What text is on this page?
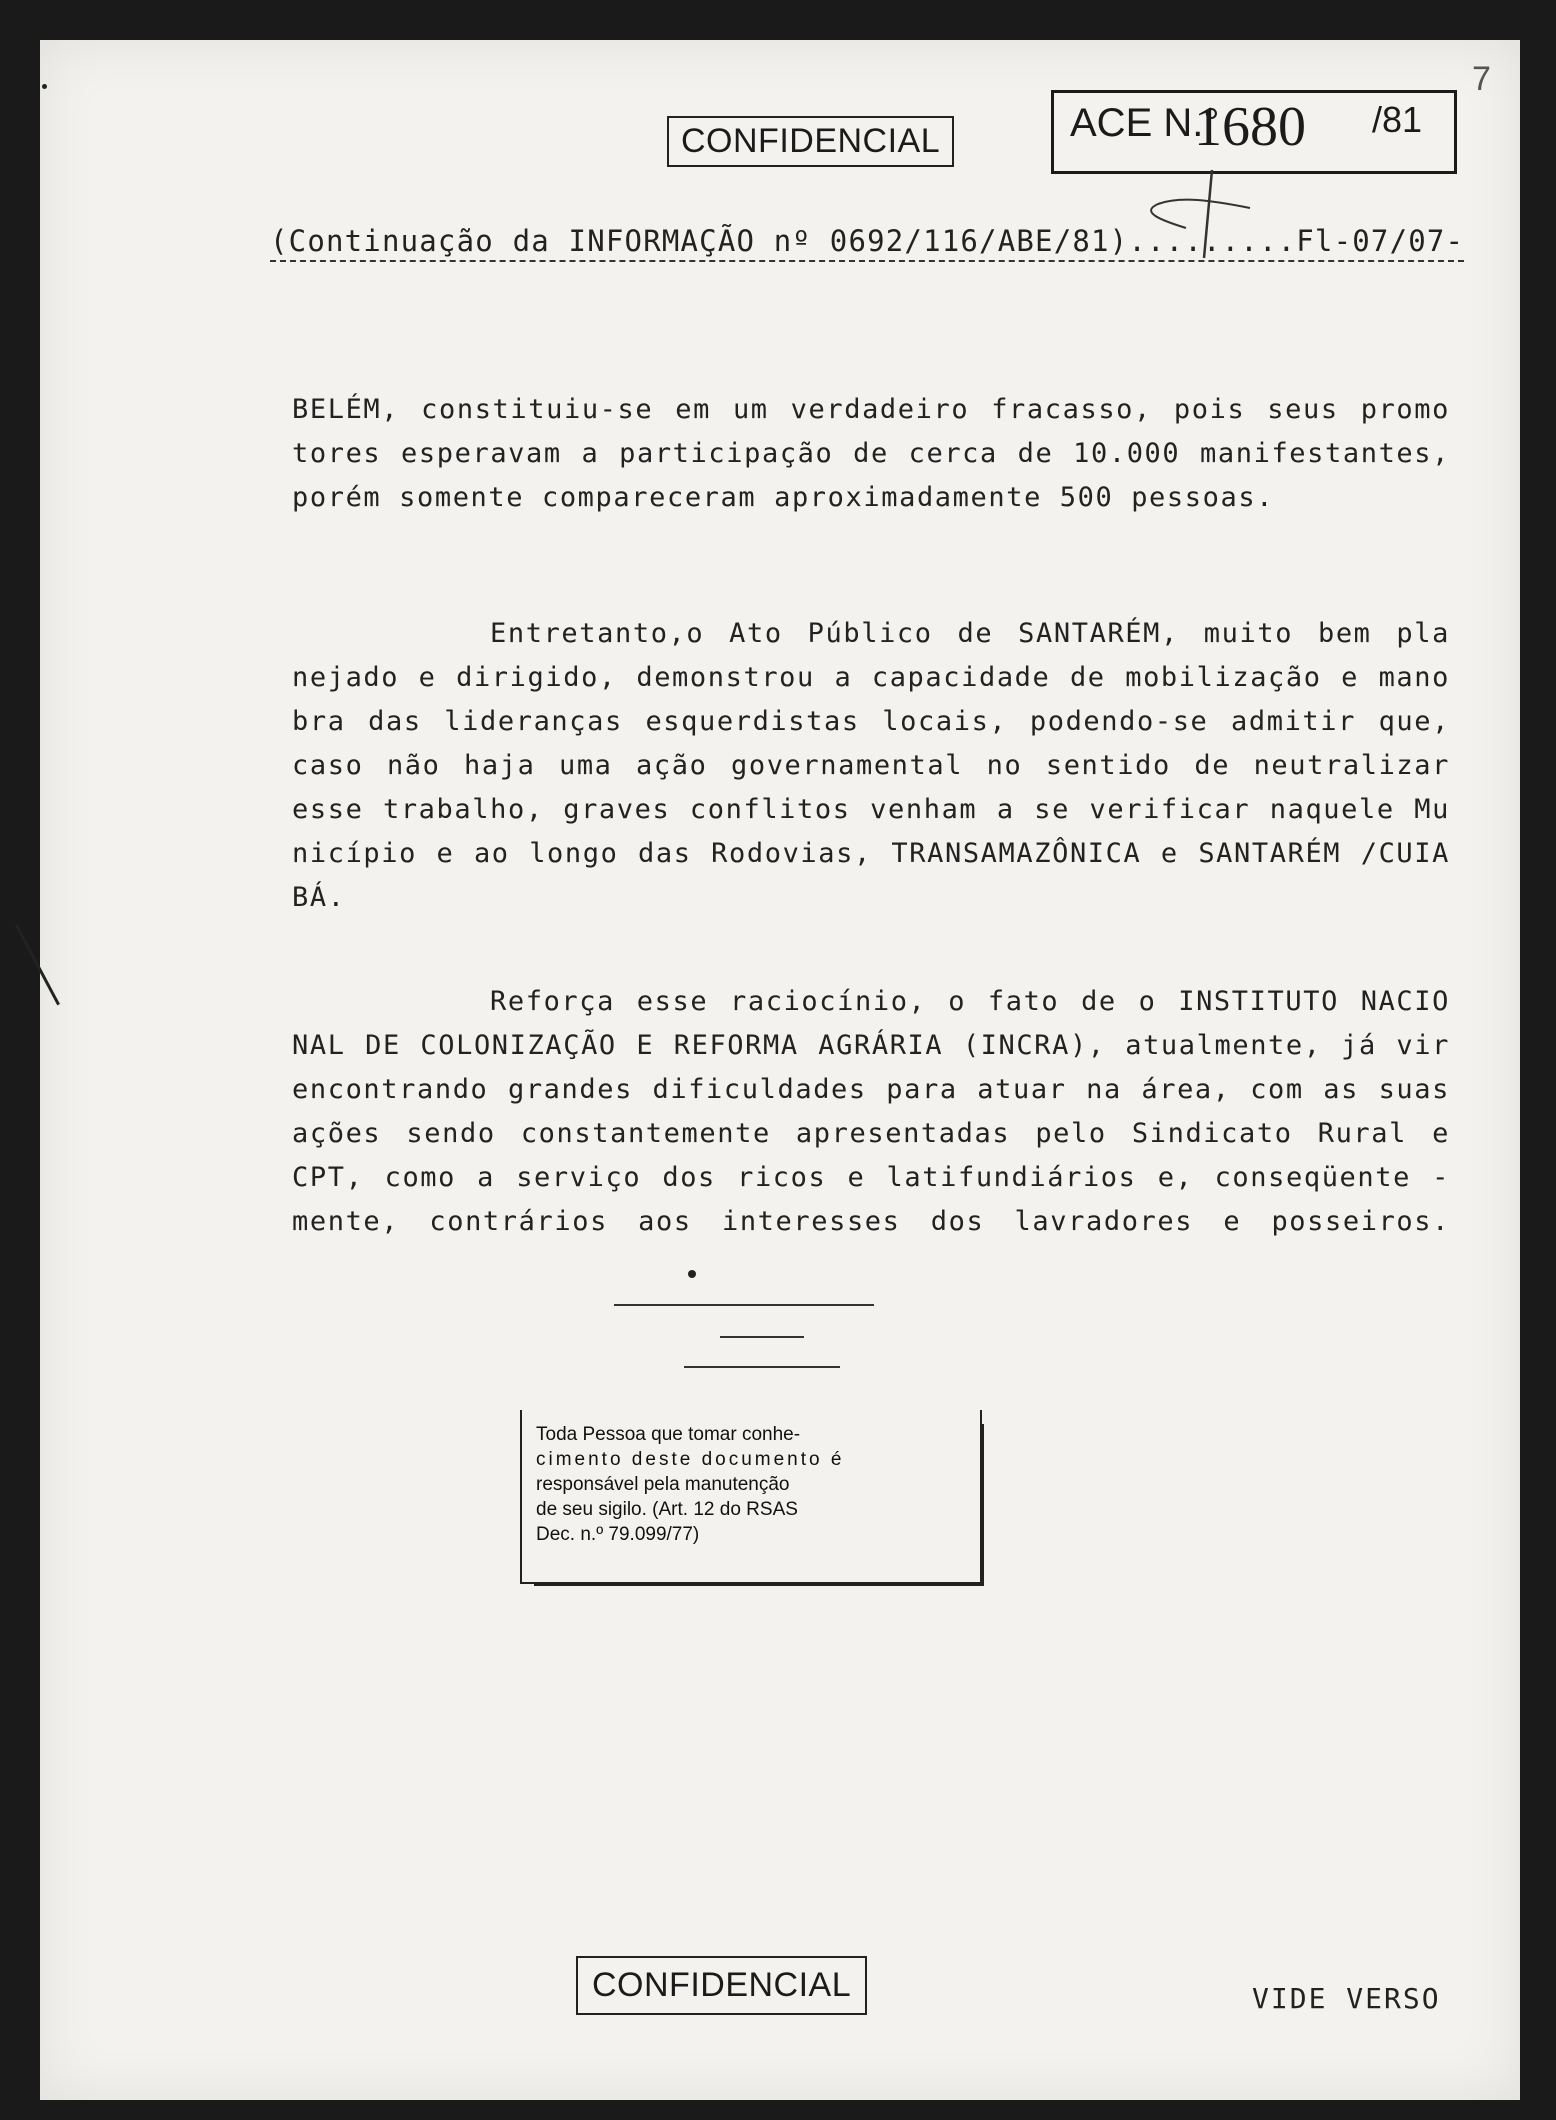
7
CONFIDENCIAL	ACE N.°
1680 /81
(Continuação da INFORMAÇÃO nº 0692/116/ABE/81).........Fl-07/07-
BELÉM, constituiu-se em um verdadeiro fracasso, pois seus promo
tores esperavam a participação de cerca de 10.000 manifestantes,
porém somente compareceram aproximadamente 500 pessoas.
Entretanto,o Ato Público de SANTARÉM, muito bem pla
nejado e dirigido, demonstrou a capacidade de mobilização e mano
bra das lideranças esquerdistas locais, podendo-se admitir que,
caso não haja uma ação governamental no sentido de neutralizar
esse trabalho, graves conflitos venham a se verificar naquele Mu
nicípio e ao longo das Rodovias, TRANSAMAZÔNICA e SANTARÉM /CUIA
BÁ.
Reforça esse raciocínio, o fato de o INSTITUTO NACIO
NAL DE COLONIZAÇÃO E REFORMA AGRÁRIA (INCRA), atualmente, já vir
encontrando grandes dificuldades para atuar na área, com as suas
ações sendo constantemente apresentadas pelo Sindicato Rural e
CPT, como a serviço dos ricos e latifundiários e, conseqüente -
mente, contrários aos interesses dos lavradores e posseiros.
Toda Pessoa que tomar conhe-
cimento deste documento é
responsável pela manutenção
de seu sigilo. (Art. 12 do RSAS
Dec. n.º 79.099/77)
CONFIDENCIAL	VIDE VERSO
